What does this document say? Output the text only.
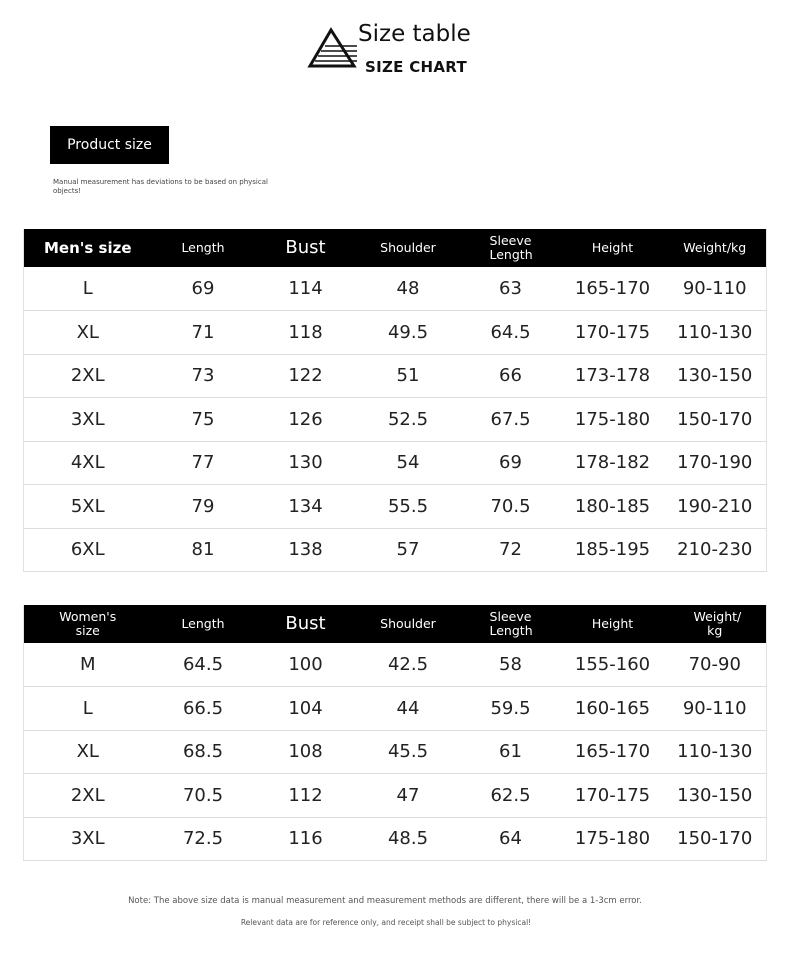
Size table
SIZE CHART
Product size
Manual measurement has deviations to be based on physical objects!
Men's size	Length	Bust	Shoulder	Sleeve Length	Height	Weight/kg
L	69	114	48	63	165-170	90-110
XL	71	118	49.5	64.5	170-175	110-130
2XL	73	122	51	66	173-178	130-150
3XL	75	126	52.5	67.5	175-180	150-170
4XL	77	130	54	69	178-182	170-190
5XL	79	134	55.5	70.5	180-185	190-210
6XL	81	138	57	72	185-195	210-230
Women's size	Length	Bust	Shoulder	Sleeve Length	Height	Weight/ kg
M	64.5	100	42.5	58	155-160	70-90
L	66.5	104	44	59.5	160-165	90-110
XL	68.5	108	45.5	61	165-170	110-130
2XL	70.5	112	47	62.5	170-175	130-150
3XL	72.5	116	48.5	64	175-180	150-170
Note: The above size data is manual measurement and measurement methods are different, there will be a 1-3cm error.
Relevant data are for reference only, and receipt shall be subject to physical!
